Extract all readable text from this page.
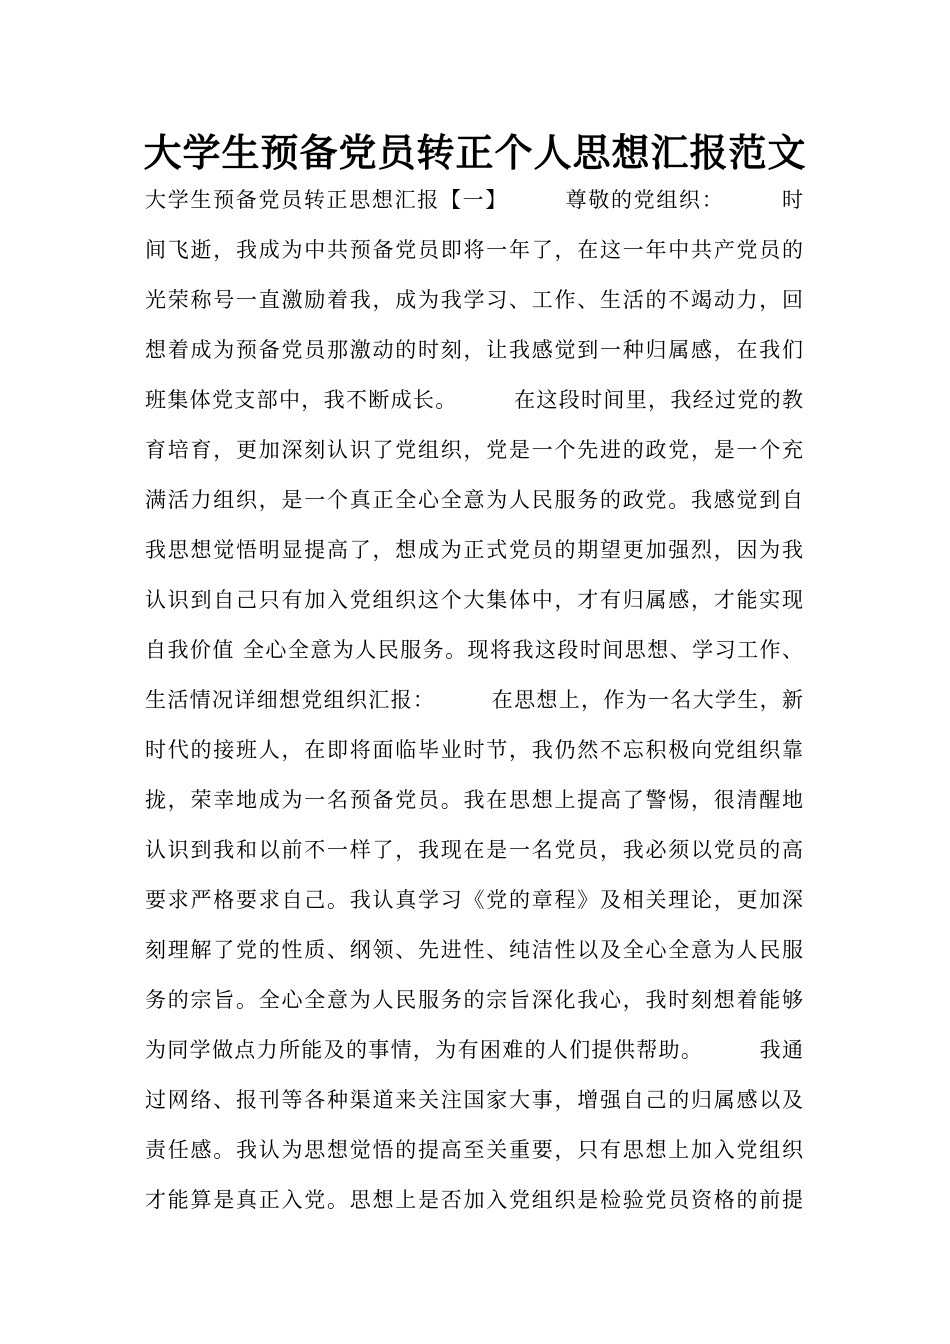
大学生预备党员转正个人思想汇报范文

大学生预备党员转正思想汇报【一】　　　尊敬的党组织：　　　时

间飞逝，我成为中共预备党员即将一年了，在这一年中共产党员的

光荣称号一直激励着我，成为我学习、工作、生活的不竭动力，回

想着成为预备党员那激动的时刻，让我感觉到一种归属感，在我们

班集体党支部中，我不断成长。　　　在这段时间里，我经过党的教

育培育，更加深刻认识了党组织，党是一个先进的政党，是一个充

满活力组织，是一个真正全心全意为人民服务的政党。我感觉到自

我思想觉悟明显提高了，想成为正式党员的期望更加强烈，因为我

认识到自己只有加入党组织这个大集体中，才有归属感，才能实现

自我价值 全心全意为人民服务。现将我这段时间思想、学习工作、

生活情况详细想党组织汇报：　　　在思想上，作为一名大学生，新

时代的接班人，在即将面临毕业时节，我仍然不忘积极向党组织靠

拢，荣幸地成为一名预备党员。我在思想上提高了警惕，很清醒地

认识到我和以前不一样了，我现在是一名党员，我必须以党员的高

要求严格要求自己。我认真学习《党的章程》及相关理论，更加深

刻理解了党的性质、纲领、先进性、纯洁性以及全心全意为人民服

务的宗旨。全心全意为人民服务的宗旨深化我心，我时刻想着能够

为同学做点力所能及的事情，为有困难的人们提供帮助。　　　我通

过网络、报刊等各种渠道来关注国家大事，增强自己的归属感以及

责任感。我认为思想觉悟的提高至关重要，只有思想上加入党组织

才能算是真正入党。思想上是否加入党组织是检验党员资格的前提
